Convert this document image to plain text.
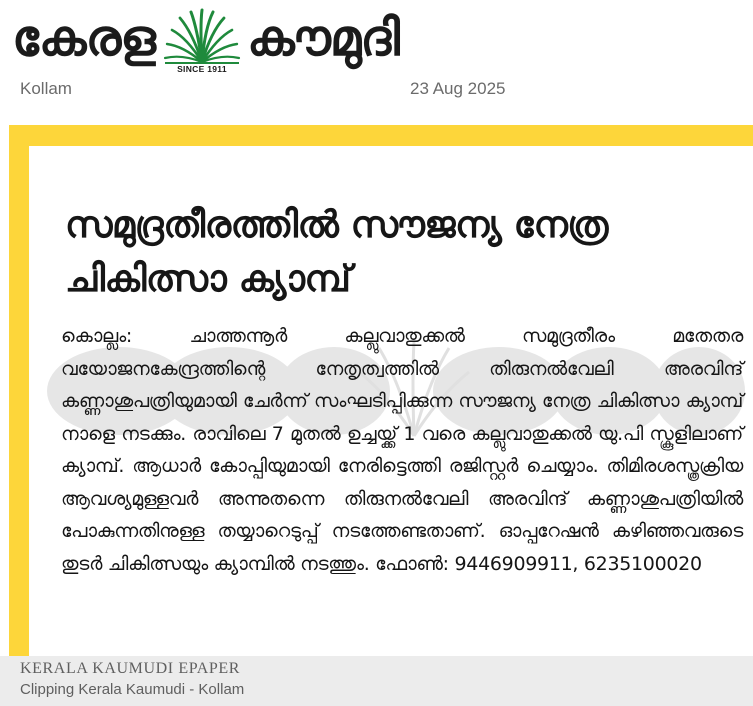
കേരള
SINCE 1911
കൗമുദി
Kollam	23 Aug 2025
സമുദ്രതീരത്തിൽ സൗജന്യ നേത്ര ചികിത്സാ ക്യാമ്പ്

കൊല്ലം: ചാത്തന്നൂർ കല്ലുവാതുക്കൽ സമുദ്രതീരം മതേതര വയോജനകേന്ദ്രത്തിന്റെ നേതൃത്വത്തിൽ തിരുനൽവേലി അരവിന്ദ് കണ്ണാശുപത്രിയുമായി ചേർന്ന് സംഘടിപ്പിക്കുന്ന സൗജന്യ നേത്ര ചികിത്സാ ക്യാമ്പ് നാളെ നടക്കും. രാവിലെ 7 മുതൽ ഉച്ചയ്ക്ക് 1 വരെ കല്ലുവാതുക്കൽ യു.പി സ്കൂളിലാണ് ക്യാമ്പ്. ആധാർ കോപ്പിയുമായി നേരിട്ടെത്തി രജിസ്റ്റർ ചെയ്യാം. തിമിരശസ്ത്രക്രിയ ആവശ്യമുള്ളവർ അന്നുതന്നെ തിരുനൽവേലി അരവിന്ദ് കണ്ണാശുപത്രിയിൽ പോകുന്നതിനുള്ള തയ്യാറെടുപ്പ് നടത്തേണ്ടതാണ്. ഓപ്പറേഷൻ കഴിഞ്ഞവരുടെ തുടർ ചികിത്സയും ക്യാമ്പിൽ നടത്തും. ഫോൺ: 9446909911, 6235100020

KERALA KAUMUDI EPAPER
Clipping Kerala Kaumudi - Kollam
